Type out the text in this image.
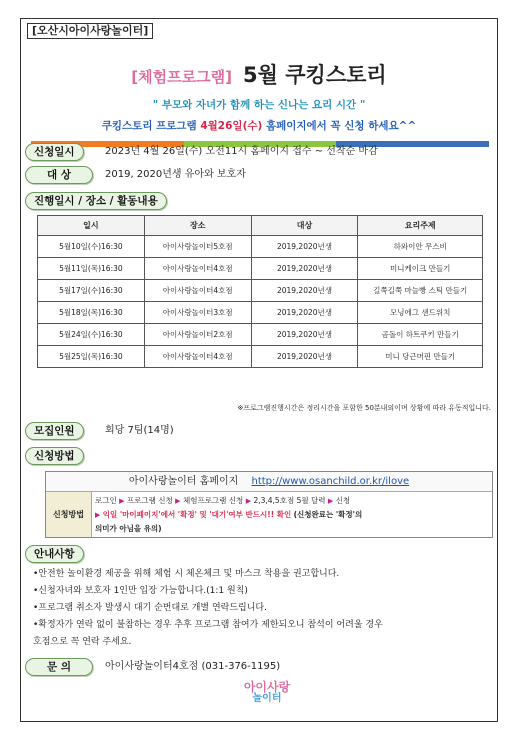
[오산시아이사랑놀이터]
[체험프로그램] 5월 쿠킹스토리
" 부모와 자녀가 함께 하는 신나는 요리 시간 "
쿠킹스토리 프로그램 4월26일(수) 홈페이지에서 꼭 신청 하세요^^
신청일시	2023년 4월 26일(수) 오전11시 홈페이지 접수 ~ 선착순 마감
대 상	2019, 2020년생 유아와 보호자
진행일시 / 장소 / 활동내용
일시	장소	대상	요리주제
5월10일(수)16:30	아이사랑놀이터5호점	2019,2020년생	하와이안 무스비
5월11일(목)16:30	아이사랑놀이터4호점	2019,2020년생	미니케이크 만들기
5월17일(수)16:30	아이사랑놀이터4호점	2019,2020년생	길쭉길쭉 마늘빵 스틱 만들기
5월18일(목)16:30	아이사랑놀이터3호점	2019,2020년생	모닝에그 샌드위치
5월24일(수)16:30	아이사랑놀이터2호점	2019,2020년생	곰돌이 하트쿠키 만들기
5월25일(목)16:30	아이사랑놀이터4호점	2019,2020년생	미니 당근머핀 만들기
※프로그램진행시간은 정리시간을 포함한 50분내외이며 상황에 따라 유동적입니다.
모집인원	회당 7팀(14명)
신청방법
아이사랑놀이터 홈페이지 http://www.osanchild.or.kr/ilove
신청방법
로그인 ▶ 프로그램 신청 ▶ 체험프로그램 신청 ▶ 2,3,4,5호점 5월 달력 ▶ 신청
▶ 익일 '마이페이지'에서 '확정' 및 '대기'여부 반드시!! 확인 (신청완료는 '확정'의
의미가 아님을 유의)
안내사항
•안전한 놀이환경 제공을 위해 체험 시 체온체크 및 마스크 착용을 권고합니다.
•신청자녀와 보호자 1인만 입장 가능합니다.(1:1 원칙)
•프로그램 취소자 발생시 대기 순번대로 개별 연락드립니다.
•확정자가 연락 없이 불참하는 경우 추후 프로그램 참여가 제한되오니 참석이 어려울 경우
호점으로 꼭 연락 주세요.
문 의	아이사랑놀이터4호점 (031-376-1195)
아이사랑
놀이터
